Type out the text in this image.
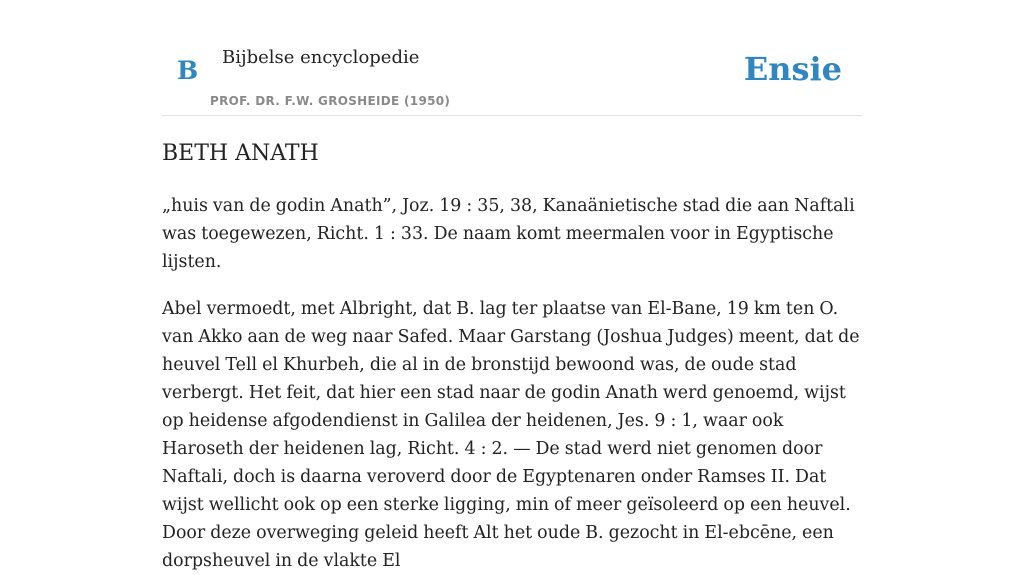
B Bijbelse encyclopedie
PROF. DR. F.W. GROSHEIDE (1950)
Ensie
BETH ANATH

„huis van de godin Anath”, Joz. 19 : 35, 38, Kanaänietische stad die aan Naftali was toegewezen, Richt. 1 : 33. De naam komt meermalen voor in Egyptische lijsten.

Abel vermoedt, met Albright, dat B. lag ter plaatse van El-Bane, 19 km ten O. van Akko aan de weg naar Safed. Maar Garstang (Joshua Judges) meent, dat de heuvel Tell el Khurbeh, die al in de bronstijd bewoond was, de oude stad verbergt. Het feit, dat hier een stad naar de godin Anath werd genoemd, wijst op heidense afgodendienst in Galilea der heidenen, Jes. 9 : 1, waar ook Haroseth der heidenen lag, Richt. 4 : 2. — De stad werd niet genomen door Naftali, doch is daarna veroverd door de Egyptenaren onder Ramses II. Dat wijst wellicht ook op een sterke ligging, min of meer geïsoleerd op een heuvel. Door deze overweging geleid heeft Alt het oude B. gezocht in El-ebcēne, een dorpsheuvel in de vlakte El
